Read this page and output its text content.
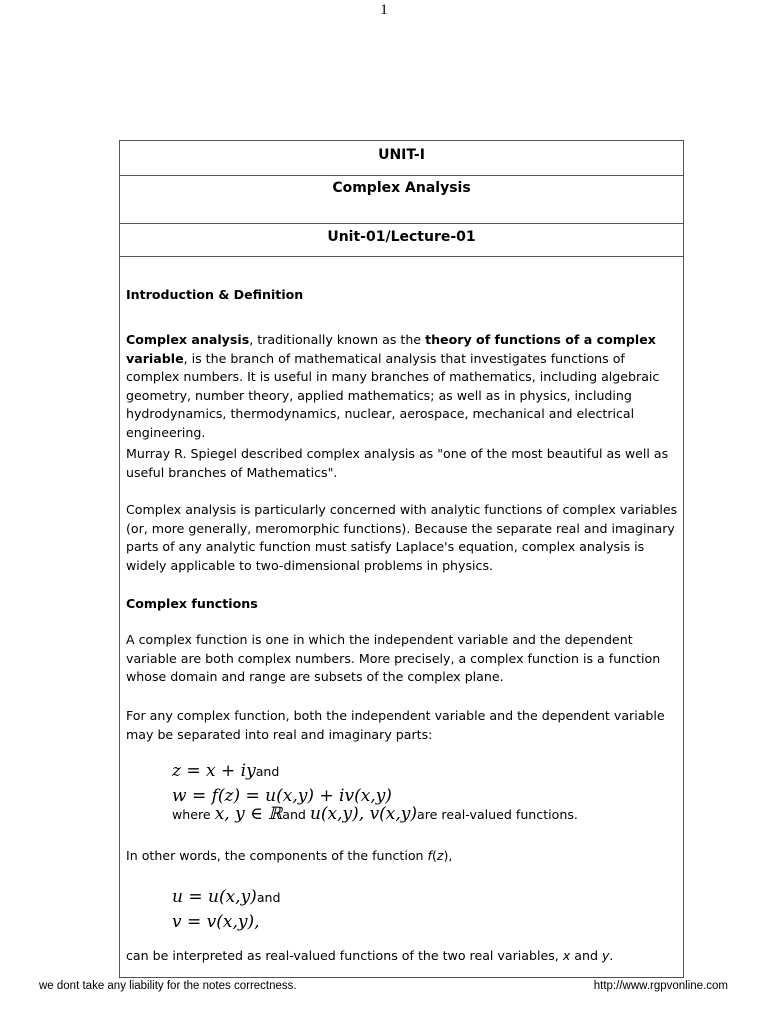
1
UNIT-I
Complex Analysis
Unit-01/Lecture-01

Introduction & Definition

Complex analysis, traditionally known as the theory of functions of a complex variable, is the branch of mathematical analysis that investigates functions of complex numbers. It is useful in many branches of mathematics, including algebraic geometry, number theory, applied mathematics; as well as in physics, including hydrodynamics, thermodynamics, nuclear, aerospace, mechanical and electrical engineering.

Murray R. Spiegel described complex analysis as "one of the most beautiful as well as useful branches of Mathematics".

Complex analysis is particularly concerned with analytic functions of complex variables (or, more generally, meromorphic functions). Because the separate real and imaginary parts of any analytic function must satisfy Laplace's equation, complex analysis is widely applicable to two-dimensional problems in physics.

Complex functions

A complex function is one in which the independent variable and the dependent variable are both complex numbers. More precisely, a complex function is a function whose domain and range are subsets of the complex plane.

For any complex function, both the independent variable and the dependent variable may be separated into real and imaginary parts:

z = x + iyand
w = f(z) = u(x,y) + iv(x,y)
where x, y ∈ ℝand u(x,y), v(x,y)are real-valued functions.

In other words, the components of the function f(z),

u = u(x,y)and
v = v(x,y),

can be interpreted as real-valued functions of the two real variables, x and y.

we dont take any liability for the notes correctness.	http://www.rgpvonline.com
